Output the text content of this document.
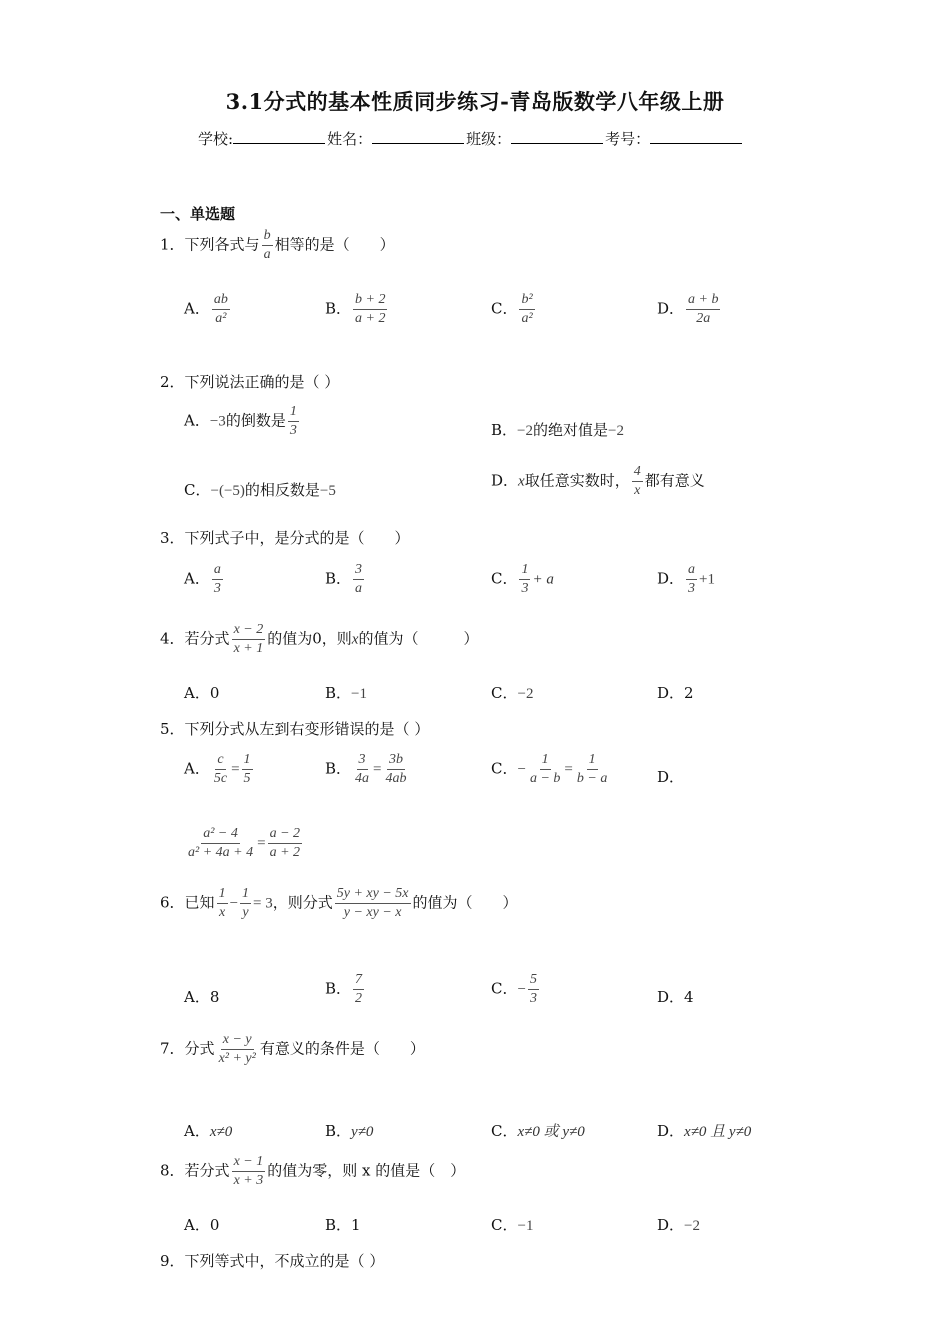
3.1分式的基本性质同步练习-青岛版数学八年级上册
学校:	姓名：	班级：	考号：
一、单选题
1．下列各式与 $\frac{b}{a}$ 相等的是（　　）
A． $\frac{ab}{\text{a²}}$	B． $\frac{b + 2}{a + 2}$	C． $\frac{\text{b²}}{\text{a²}}$	D． $\frac{a + b}{2a}$
2．下列说法正确的是（ ）
A．−3的倒数是 $\frac{1}{3}$	B．−2的绝对值是−2
C．−(−5)的相反数是−5
D．x取任意实数时， $\frac{4}{x}$ 都有意义
3．下列式子中，是分式的是（　　）
A． $\frac{a}{3}$	B． $\frac{3}{a}$	C． $\frac{1}{3} + a$	D． $\frac{a}{3} +1$
4．若分式 $\frac{x - 2}{x + 1}$ 的值为0，则x的值为（　　　）
A．0	B．−1	C．−2	D．2
5．下列分式从左到右变形错误的是（ ）
A． $\frac{c}{5c} = \frac{1}{5}$	B． $\frac{3}{4a} = \frac{3b}{4ab}$	C．− $\frac{1}{a - b} = \frac{1}{b - a}$	D．
$\frac{\text{a² − 4}}{\text{a² + 4a + 4}} = \frac{a - 2}{a + 2}$
6．已知 $\frac{1}{x} - \frac{1}{y} = 3$，则分式 $\frac{5y + xy - 5x}{y - xy - x}$ 的值为（　　）
A．8	B． $\frac{7}{2}$	C．− $\frac{5}{3}$	D．4
7．分式 $\frac{x - y}{\text{x² + y²}}$ 有意义的条件是（　　）
A．x≠0	B．y≠0	C．x≠0 或 y≠0	D．x≠0 且 y≠0
8．若分式 $\frac{x - 1}{x + 3}$ 的值为零，则 x 的值是（　）
A．0	B．1	C．−1	D．−2
9．下列等式中，不成立的是（ ）
